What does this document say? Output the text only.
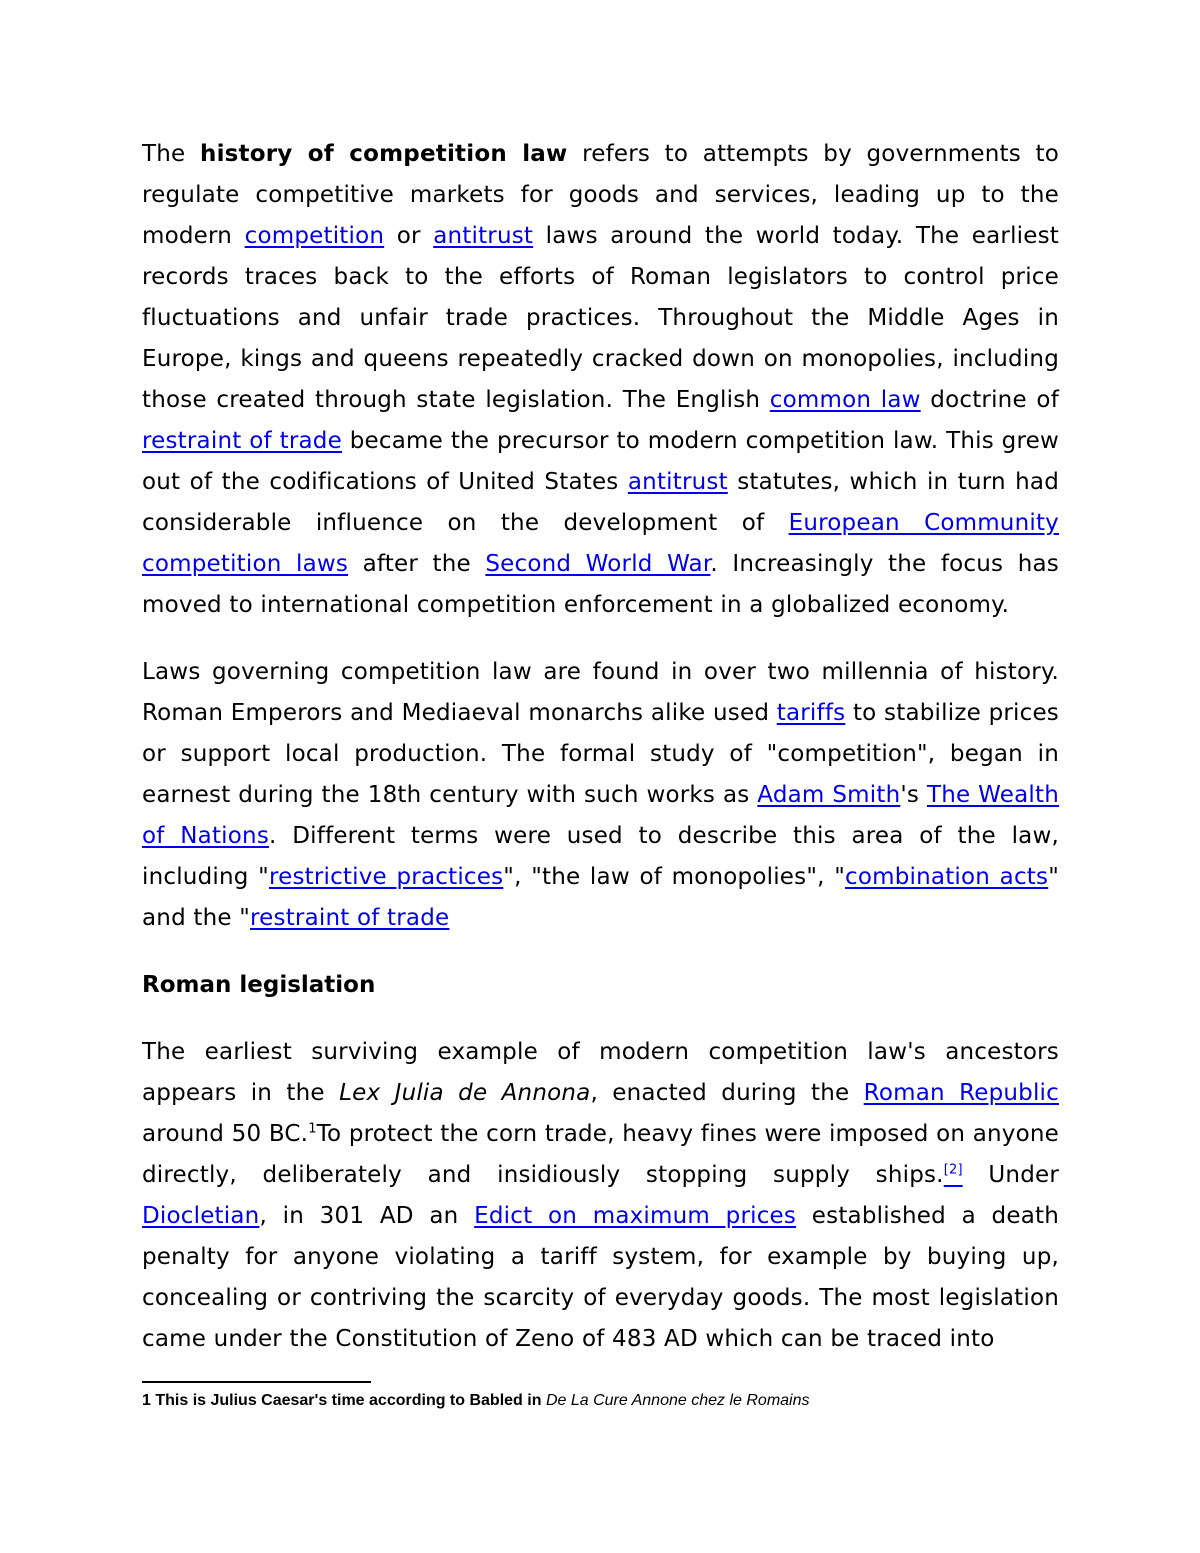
The history of competition law refers to attempts by governments to regulate competitive markets for goods and services, leading up to the modern competition or antitrust laws around the world today. The earliest records traces back to the efforts of Roman legislators to control price fluctuations and unfair trade practices. Throughout the Middle Ages in Europe, kings and queens repeatedly cracked down on monopolies, including those created through state legislation. The English common law doctrine of restraint of trade became the precursor to modern competition law. This grew out of the codifications of United States antitrust statutes, which in turn had considerable influence on the development of European Community competition laws after the Second World War. Increasingly the focus has moved to international competition enforcement in a globalized economy.

Laws governing competition law are found in over two millennia of history. Roman Emperors and Mediaeval monarchs alike used tariffs to stabilize prices or support local production. The formal study of "competition", began in earnest during the 18th century with such works as Adam Smith's The Wealth of Nations. Different terms were used to describe this area of the law, including "restrictive practices", "the law of monopolies", "combination acts" and the "restraint of trade

Roman legislation

The earliest surviving example of modern competition law's ancestors appears in the Lex Julia de Annona, enacted during the Roman Republic around 50 BC.$^1$To protect the corn trade, heavy fines were imposed on anyone directly, deliberately and insidiously stopping supply ships.[2] Under Diocletian, in 301 AD an Edict on maximum prices established a death penalty for anyone violating a tariff system, for example by buying up, concealing or contriving the scarcity of everyday goods. The most legislation came under the Constitution of Zeno of 483 AD which can be traced into

1 This is Julius Caesar's time according to Babled in De La Cure Annone chez le Romains
